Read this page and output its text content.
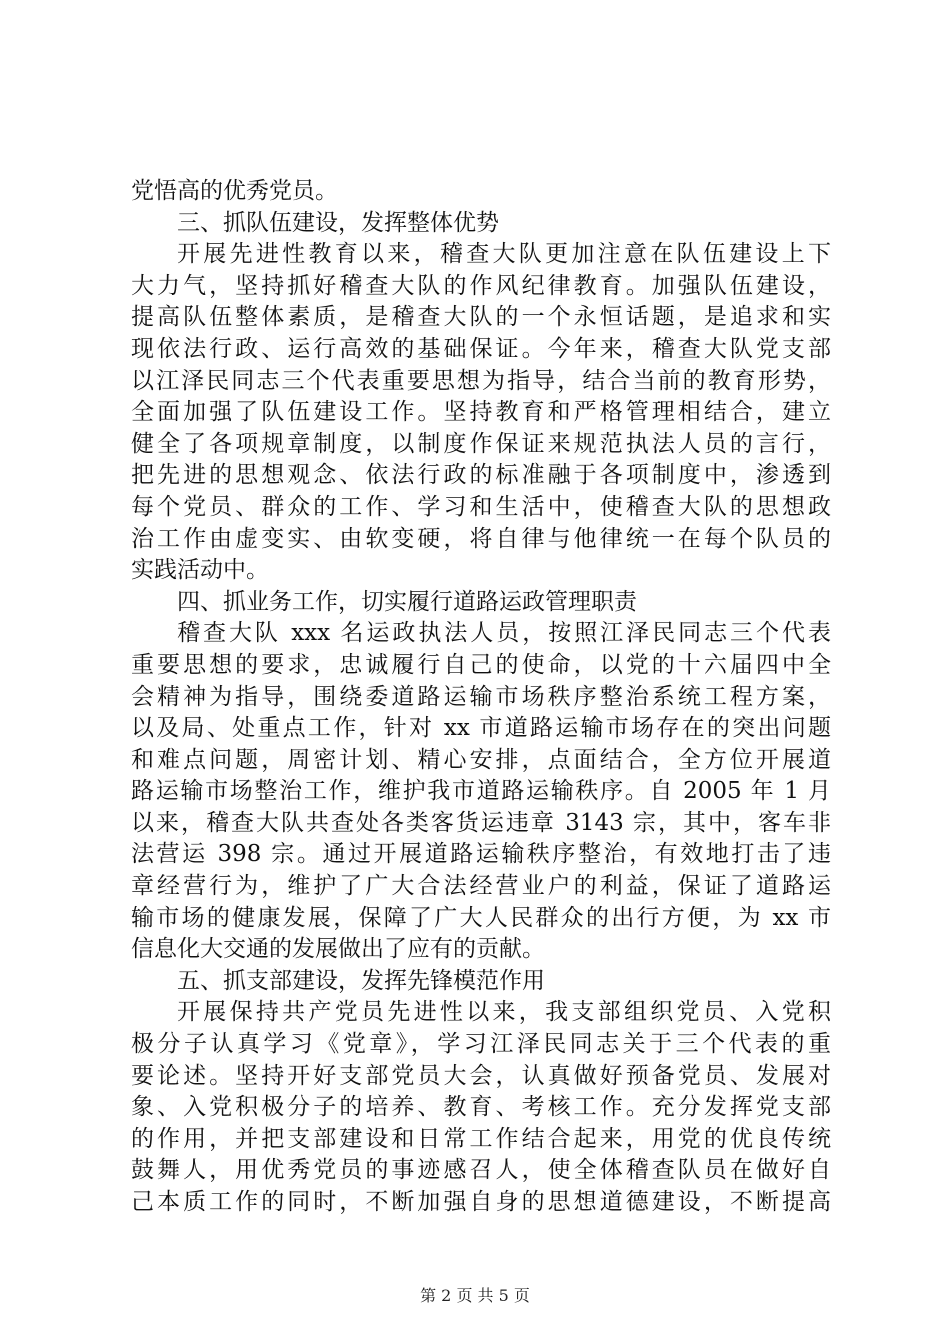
党悟高的优秀党员。
三、抓队伍建设，发挥整体优势
开展先进性教育以来，稽查大队更加注意在队伍建设上下
大力气，坚持抓好稽查大队的作风纪律教育。加强队伍建设，
提高队伍整体素质，是稽查大队的一个永恒话题，是追求和实
现依法行政、运行高效的基础保证。今年来，稽查大队党支部
以江泽民同志三个代表重要思想为指导，结合当前的教育形势，
全面加强了队伍建设工作。坚持教育和严格管理相结合，建立
健全了各项规章制度，以制度作保证来规范执法人员的言行，
把先进的思想观念、依法行政的标准融于各项制度中，渗透到
每个党员、群众的工作、学习和生活中，使稽查大队的思想政
治工作由虚变实、由软变硬，将自律与他律统一在每个队员的
实践活动中。
四、抓业务工作，切实履行道路运政管理职责
稽查大队 xxx 名运政执法人员，按照江泽民同志三个代表
重要思想的要求，忠诚履行自己的使命，以党的十六届四中全
会精神为指导，围绕委道路运输市场秩序整治系统工程方案，
以及局、处重点工作，针对 xx 市道路运输市场存在的突出问题
和难点问题，周密计划、精心安排，点面结合，全方位开展道
路运输市场整治工作，维护我市道路运输秩序。自 2005 年 1 月
以来，稽查大队共查处各类客货运违章 3143 宗，其中，客车非
法营运 398 宗。通过开展道路运输秩序整治，有效地打击了违
章经营行为，维护了广大合法经营业户的利益，保证了道路运
输市场的健康发展，保障了广大人民群众的出行方便，为 xx 市
信息化大交通的发展做出了应有的贡献。
五、抓支部建设，发挥先锋模范作用
开展保持共产党员先进性以来，我支部组织党员、入党积
极分子认真学习《党章》，学习江泽民同志关于三个代表的重
要论述。坚持开好支部党员大会，认真做好预备党员、发展对
象、入党积极分子的培养、教育、考核工作。充分发挥党支部
的作用，并把支部建设和日常工作结合起来，用党的优良传统
鼓舞人，用优秀党员的事迹感召人，使全体稽查队员在做好自
己本质工作的同时，不断加强自身的思想道德建设，不断提高
第 2 页 共 5 页
